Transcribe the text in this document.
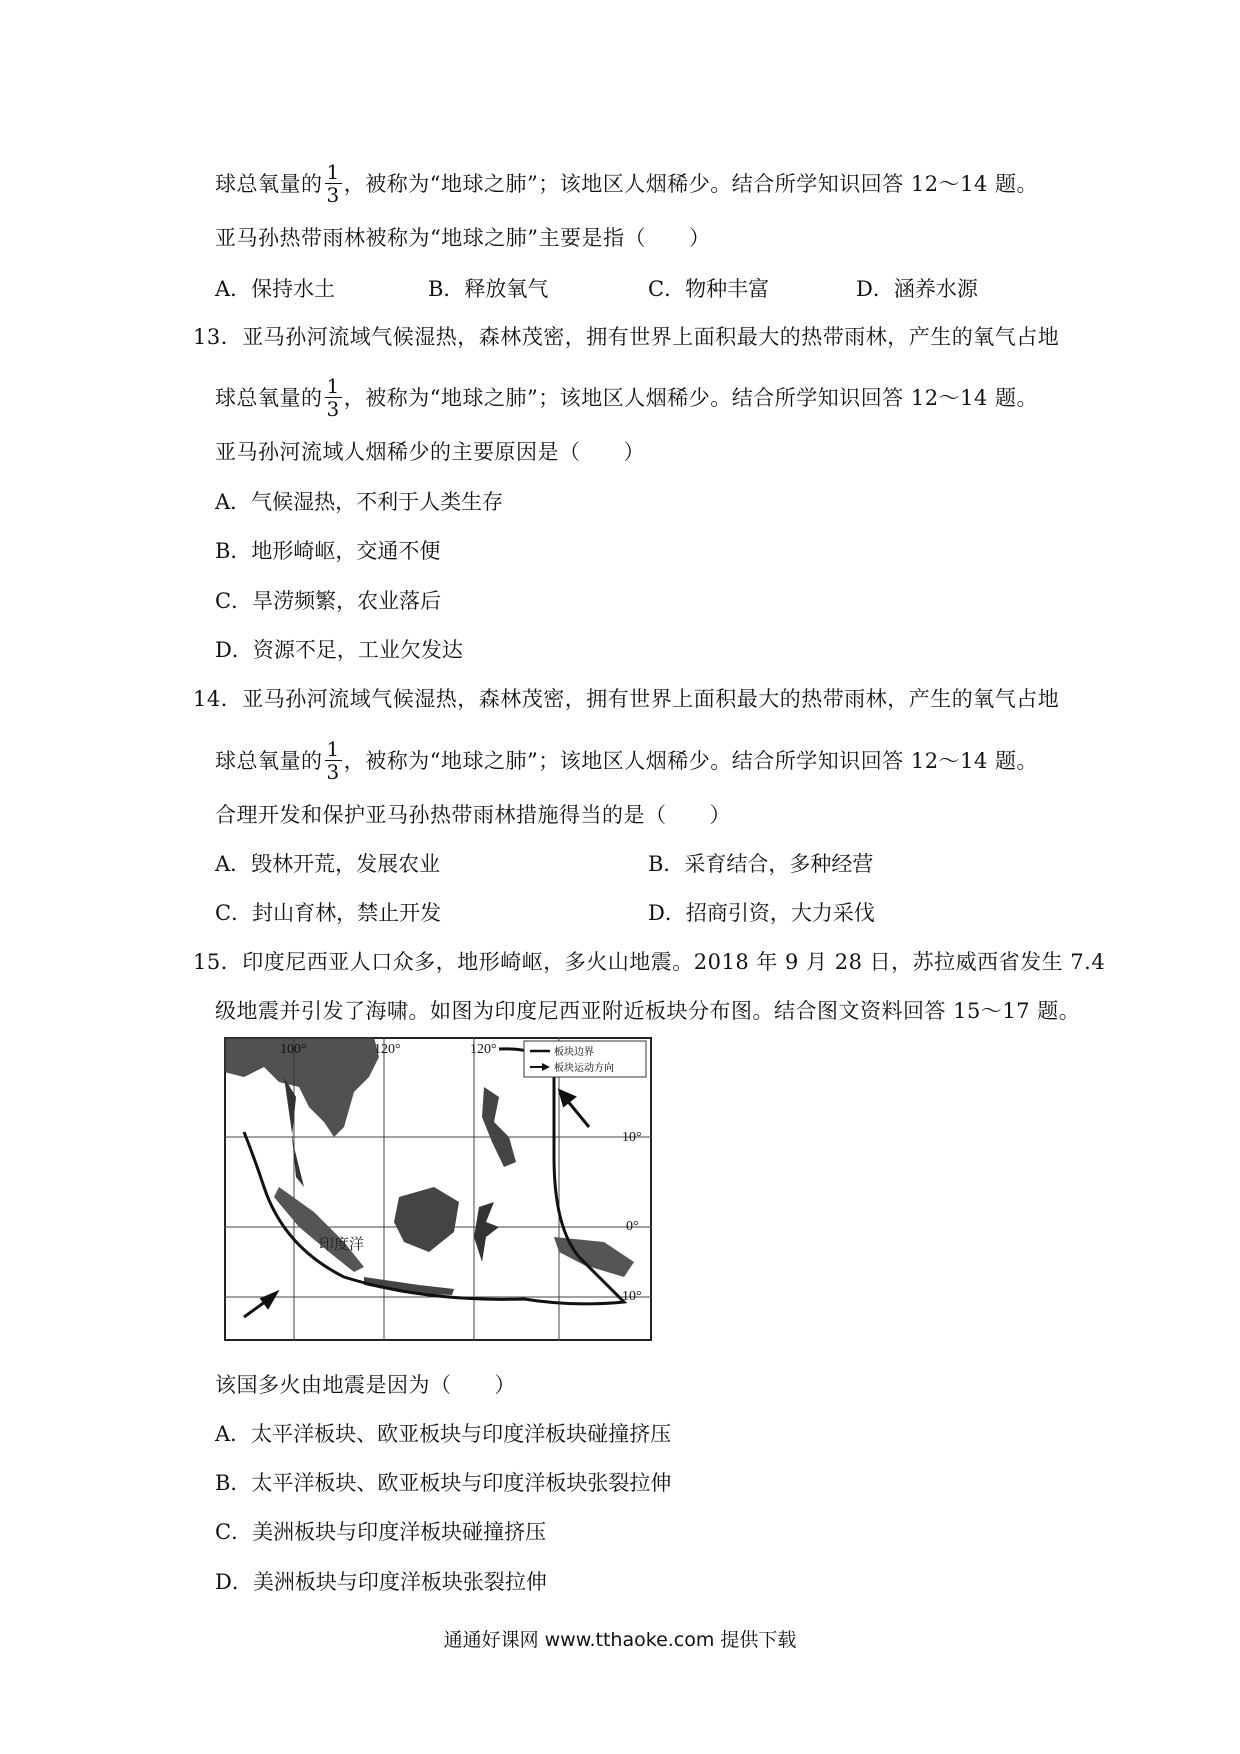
球总氧量的 $\frac{1}{3}$ ，被称为“地球之肺”；该地区人烟稀少。结合所学知识回答 12～14 题。
亚马孙热带雨林被称为“地球之肺”主要是指（　　）
A．保持水土	B．释放氧气	C．物种丰富	D．涵养水源
13．亚马孙河流域气候湿热，森林茂密，拥有世界上面积最大的热带雨林，产生的氧气占地
球总氧量的 $\frac{1}{3}$ ，被称为“地球之肺”；该地区人烟稀少。结合所学知识回答 12～14 题。
亚马孙河流域人烟稀少的主要原因是（　　）
A．气候湿热，不利于人类生存
B．地形崎岖，交通不便
C．旱涝频繁，农业落后
D．资源不足，工业欠发达
14．亚马孙河流域气候湿热，森林茂密，拥有世界上面积最大的热带雨林，产生的氧气占地
球总氧量的 $\frac{1}{3}$ ，被称为“地球之肺”；该地区人烟稀少。结合所学知识回答 12～14 题。
合理开发和保护亚马孙热带雨林措施得当的是（　　）
A．毁林开荒，发展农业	B．采育结合，多种经营
C．封山育林，禁止开发	D．招商引资，大力采伐
15．印度尼西亚人口众多，地形崎岖，多火山地震。2018 年 9 月 28 日，苏拉威西省发生 7.4
级地震并引发了海啸。如图为印度尼西亚附近板块分布图。结合图文资料回答 15～17 题。
板块边界
板块运动方向
100°	120°	120°
10°
0°
10°
印度洋
该国多火由地震是因为（　　）
A．太平洋板块、欧亚板块与印度洋板块碰撞挤压
B．太平洋板块、欧亚板块与印度洋板块张裂拉伸
C．美洲板块与印度洋板块碰撞挤压
D．美洲板块与印度洋板块张裂拉伸
通通好课网 www.tthaoke.com 提供下载
